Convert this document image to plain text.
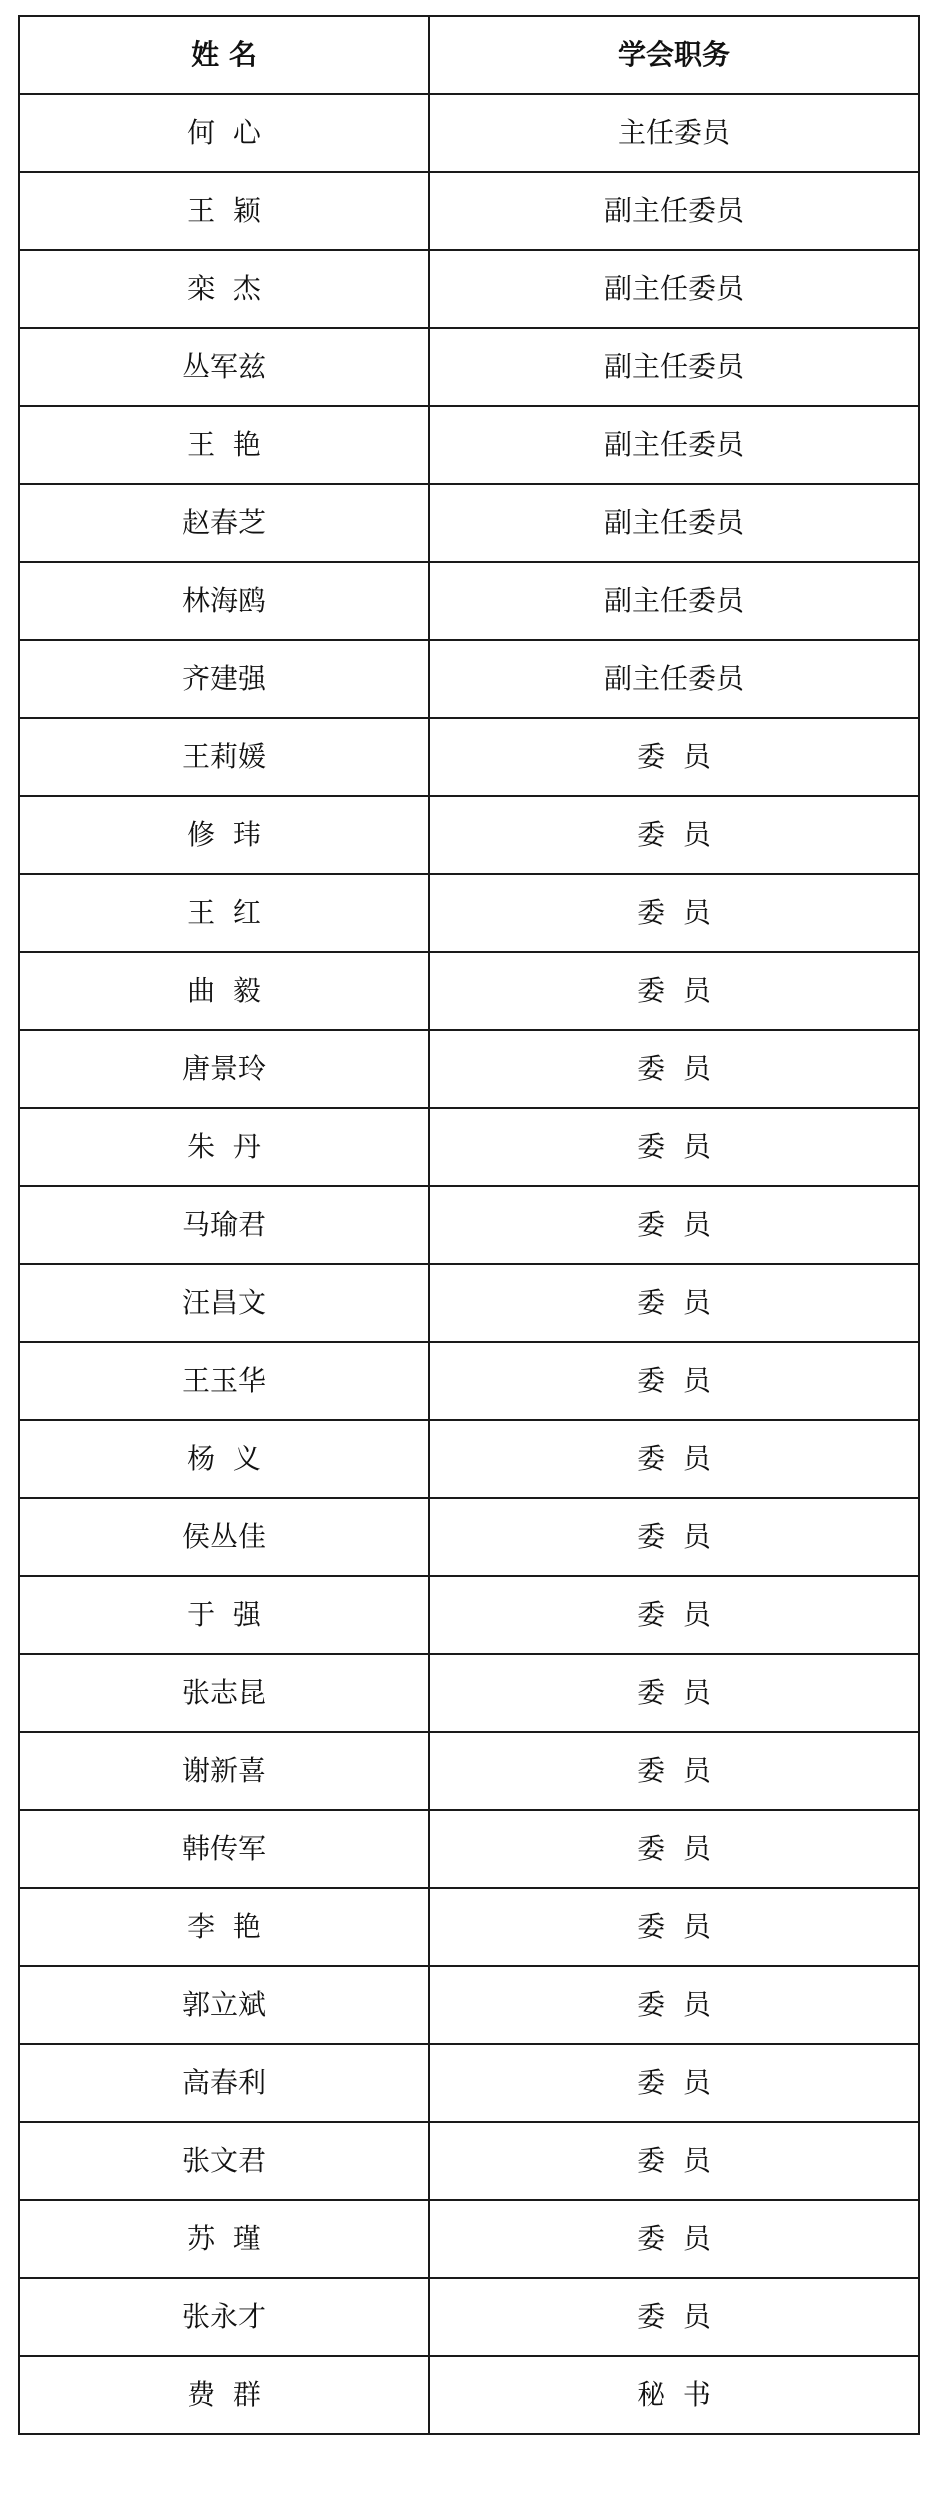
姓 名	学会职务
何  心	主任委员
王  颖	副主任委员
栾  杰	副主任委员
丛军兹	副主任委员
王  艳	副主任委员
赵春芝	副主任委员
林海鸥	副主任委员
齐建强	副主任委员
王莉媛	委  员
修  玮	委  员
王  红	委  员
曲  毅	委  员
唐景玲	委  员
朱  丹	委  员
马瑜君	委  员
汪昌文	委  员
王玉华	委  员
杨  义	委  员
侯丛佳	委  员
于  强	委  员
张志昆	委  员
谢新喜	委  员
韩传军	委  员
李  艳	委  员
郭立斌	委  员
高春利	委  员
张文君	委  员
苏  瑾	委  员
张永才	委  员
费  群	秘  书
